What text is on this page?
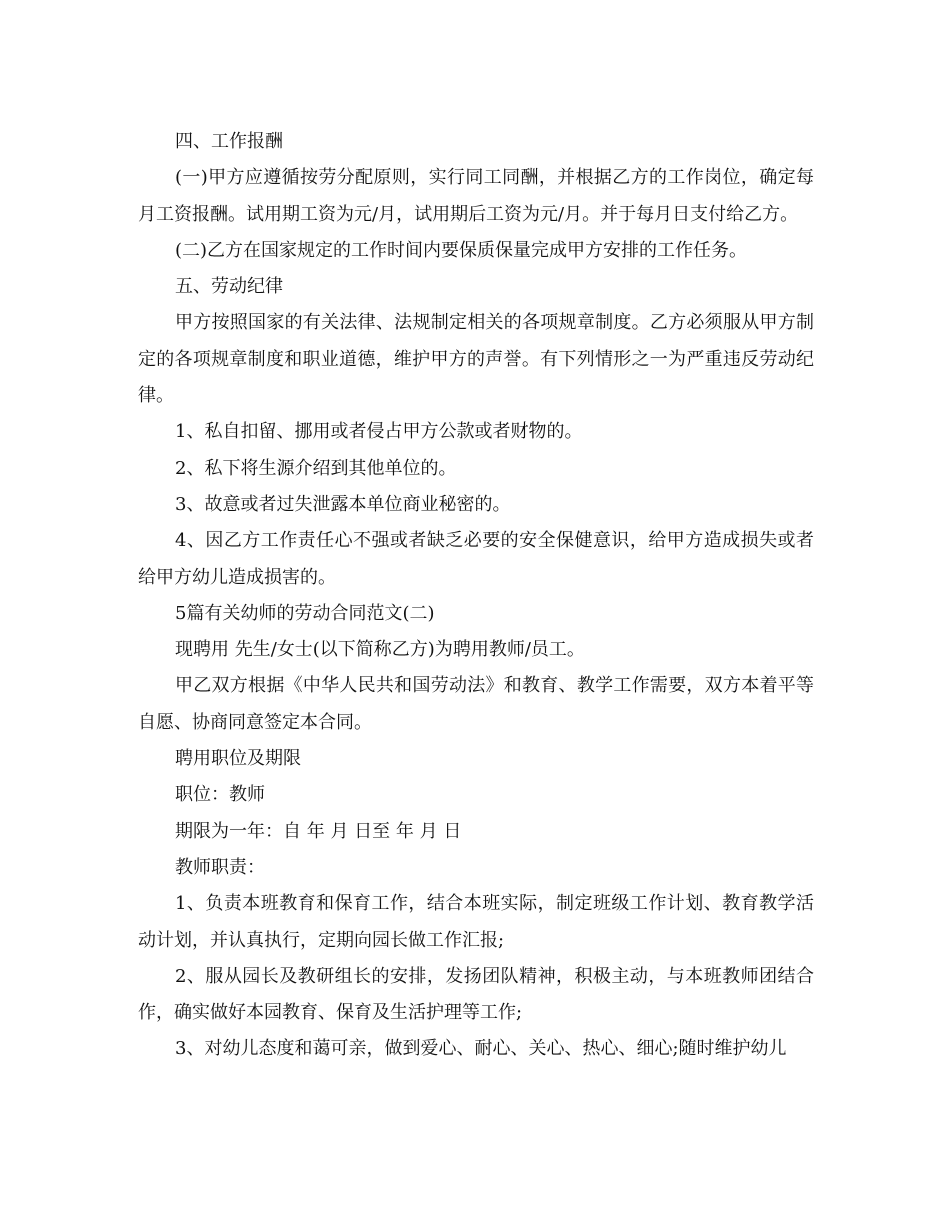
四、工作报酬

(一)甲方应遵循按劳分配原则，实行同工同酬，并根据乙方的工作岗位，确定每月工资报酬。试用期工资为元/月，试用期后工资为元/月。并于每月日支付给乙方。

(二)乙方在国家规定的工作时间内要保质保量完成甲方安排的工作任务。

五、劳动纪律

甲方按照国家的有关法律、法规制定相关的各项规章制度。乙方必须服从甲方制定的各项规章制度和职业道德，维护甲方的声誉。有下列情形之一为严重违反劳动纪律。

1、私自扣留、挪用或者侵占甲方公款或者财物的。

2、私下将生源介绍到其他单位的。

3、故意或者过失泄露本单位商业秘密的。

4、因乙方工作责任心不强或者缺乏必要的安全保健意识，给甲方造成损失或者给甲方幼儿造成损害的。

5篇有关幼师的劳动合同范文(二)

现聘用 先生/女士(以下简称乙方)为聘用教师/员工。

甲乙双方根据《中华人民共和国劳动法》和教育、教学工作需要，双方本着平等自愿、协商同意签定本合同。

聘用职位及期限

职位：教师

期限为一年：自 年 月 日至 年 月 日

教师职责：

1、负责本班教育和保育工作，结合本班实际，制定班级工作计划、教育教学活动计划，并认真执行，定期向园长做工作汇报;

2、服从园长及教研组长的安排，发扬团队精神，积极主动，与本班教师团结合作，确实做好本园教育、保育及生活护理等工作;

3、对幼儿态度和蔼可亲，做到爱心、耐心、关心、热心、细心;随时维护幼儿
